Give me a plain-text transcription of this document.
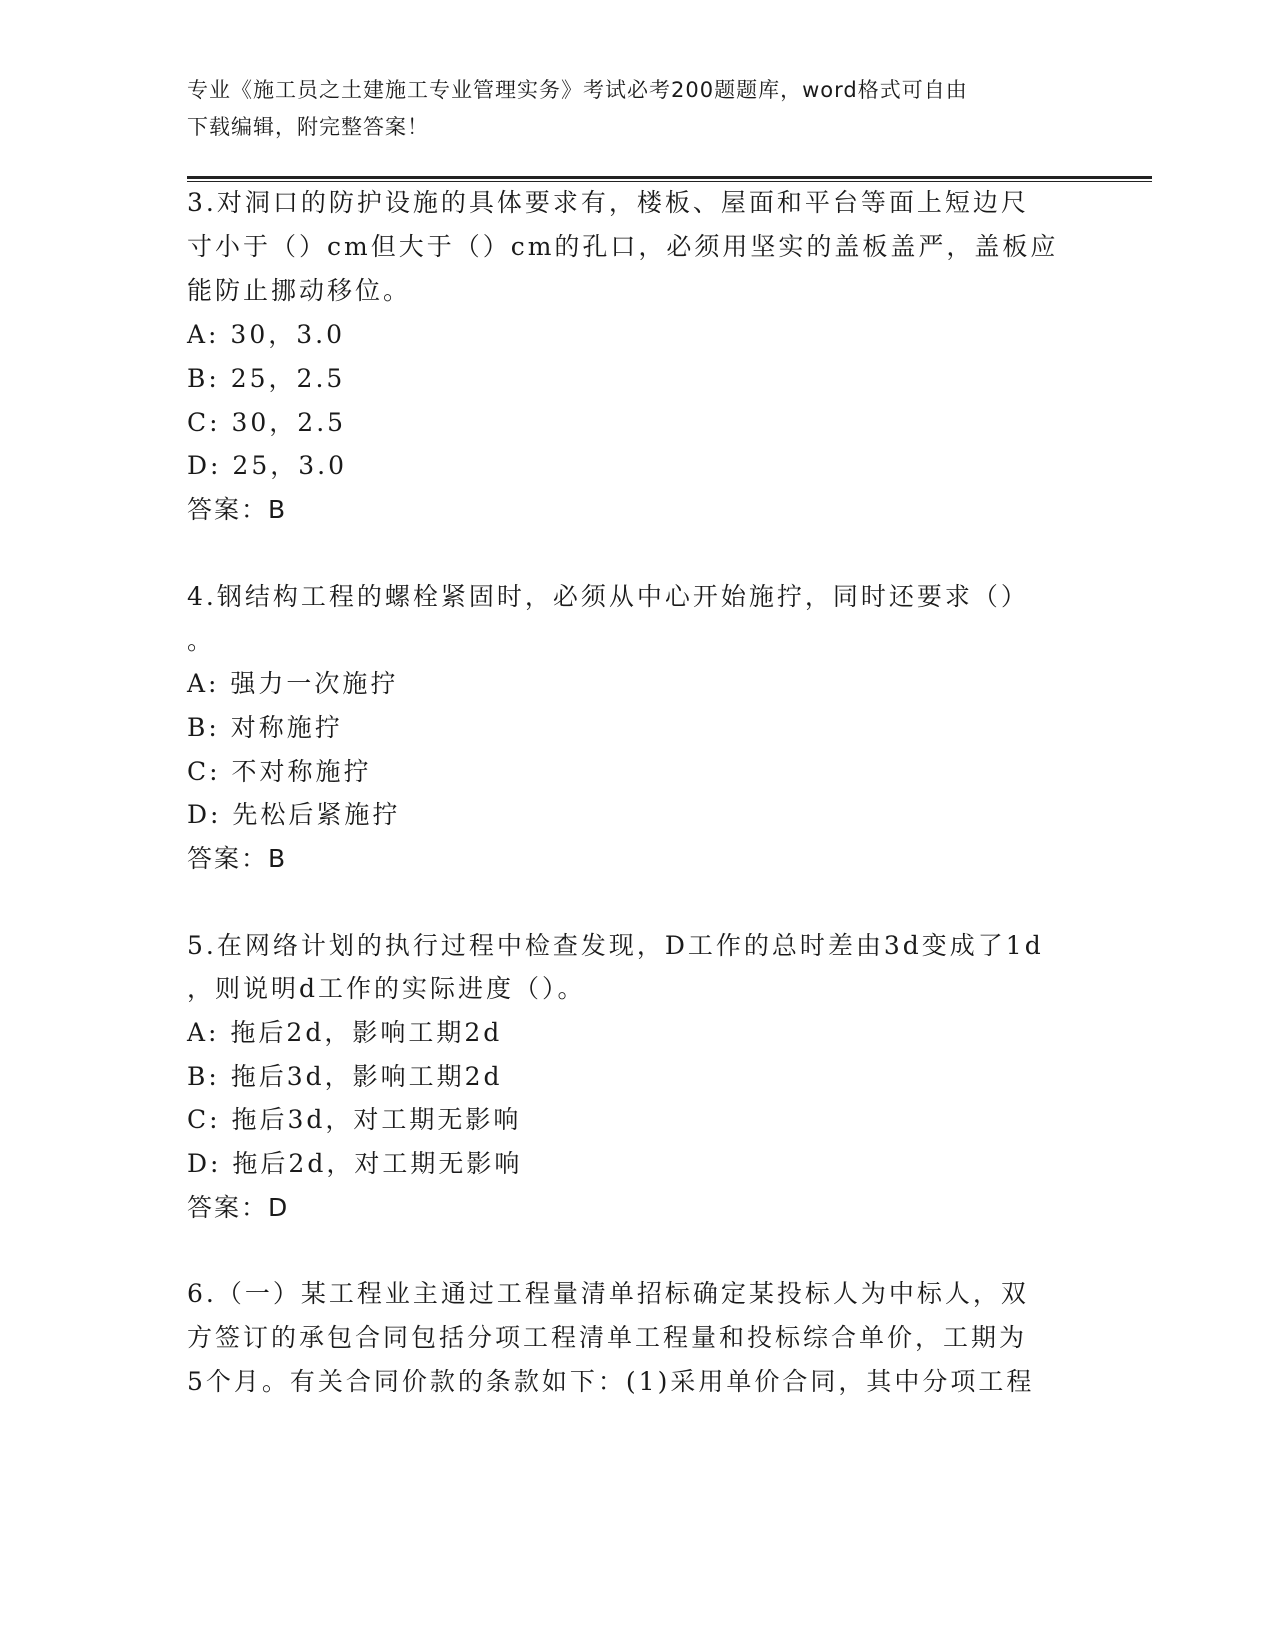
专业《施工员之土建施工专业管理实务》考试必考200题题库，word格式可自由
下载编辑，附完整答案！
3.对洞口的防护设施的具体要求有，楼板、屋面和平台等面上短边尺
寸小于（）cm但大于（）cm的孔口，必须用坚实的盖板盖严，盖板应
能防止挪动移位。
A: 30，3.0
B: 25，2.5
C: 30，2.5
D: 25，3.0
答案：B
4.钢结构工程的螺栓紧固时，必须从中心开始施拧，同时还要求（）
。
A: 强力一次施拧
B: 对称施拧
C: 不对称施拧
D: 先松后紧施拧
答案：B
5.在网络计划的执行过程中检查发现，D工作的总时差由3d变成了1d
，则说明d工作的实际进度（）。
A: 拖后2d，影响工期2d
B: 拖后3d，影响工期2d
C: 拖后3d，对工期无影响
D: 拖后2d，对工期无影响
答案：D
6.（一）某工程业主通过工程量清单招标确定某投标人为中标人，双
方签订的承包合同包括分项工程清单工程量和投标综合单价，工期为
5个月。有关合同价款的条款如下：(1)采用单价合同，其中分项工程
